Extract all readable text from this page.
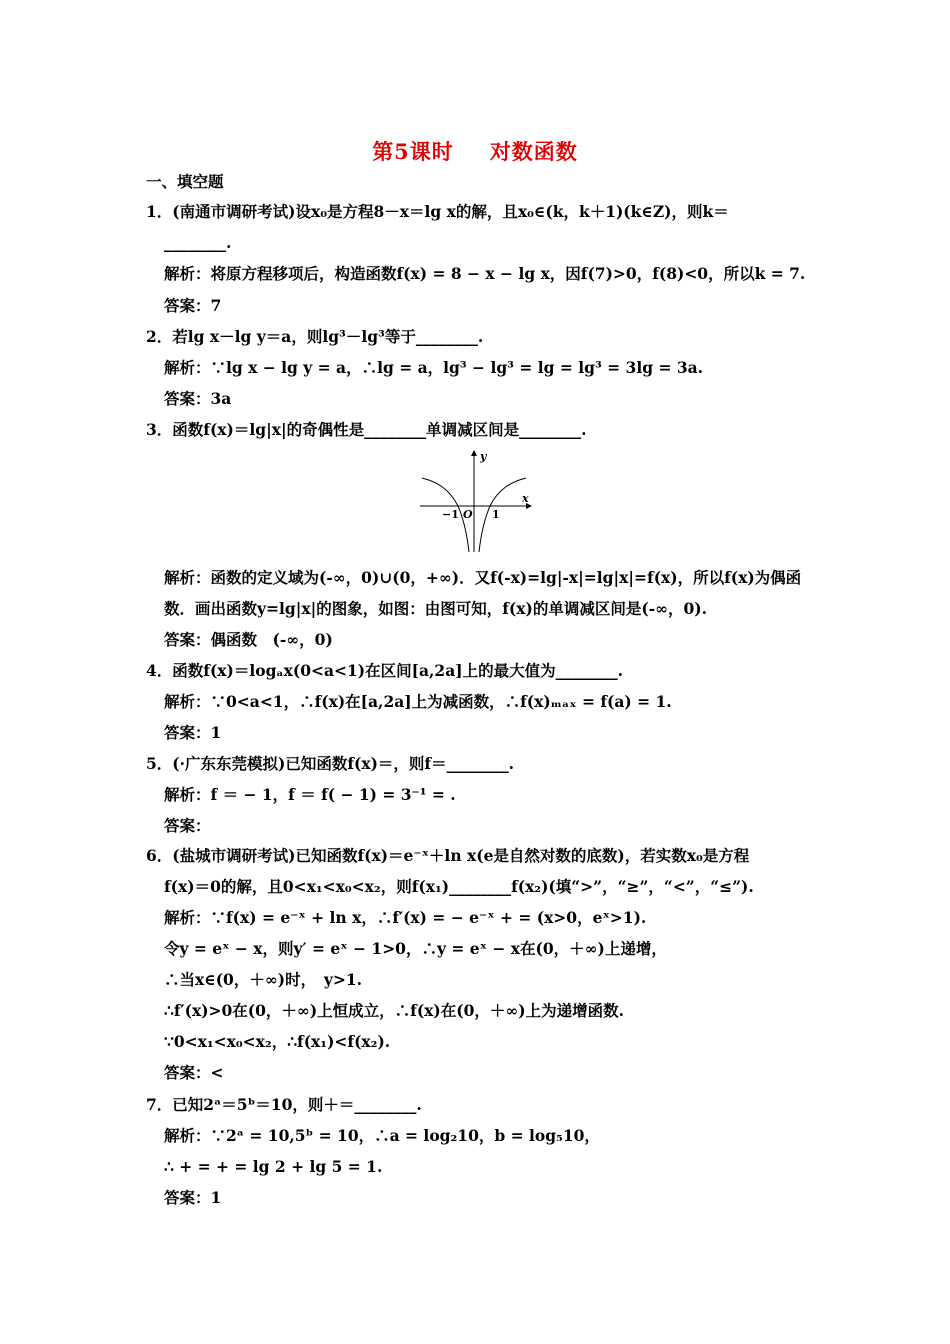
第5课时 对数函数
一、填空题
1．(南通市调研考试)设x₀是方程8－x＝lg x的解，且x₀∈(k，k＋1)(k∈Z)，则k＝
________.
解析：将原方程移项后，构造函数f(x) = 8 − x − lg x，因f(7)>0，f(8)<0，所以k = 7.
答案：7
2．若lg x－lg y＝a，则lg³－lg³等于________.
解析：∵lg x − lg y = a，∴lg = a，lg³ − lg³ = lg = lg³ = 3lg = 3a.
答案：3a
3．函数f(x)＝lg|x|的奇偶性是________单调减区间是________.
y
x
−1 O 1
解析：函数的定义域为(-∞，0)∪(0，+∞)．又f(-x)=lg|-x|=lg|x|=f(x)，所以f(x)为偶函
数．画出函数y=lg|x|的图象，如图：由图可知，f(x)的单调减区间是(-∞，0).
答案：偶函数　(-∞，0)
4．函数f(x)＝logₐx(0<a<1)在区间[a,2a]上的最大值为________.
解析：∵0<a<1，∴f(x)在[a,2a]上为减函数，∴f(x)ₘₐₓ = f(a) = 1.
答案：1
5．(·广东东莞模拟)已知函数f(x)＝，则f＝________.
解析：f ＝ − 1，f ＝ f( − 1) = 3⁻¹ = .
答案：
6．(盐城市调研考试)已知函数f(x)＝e⁻ˣ＋ln x(e是自然对数的底数)，若实数x₀是方程
f(x)＝0的解，且0<x₁<x₀<x₂，则f(x₁)________f(x₂)(填“>”，“≥”，“<”，“≤”).
解析：∵f(x) = e⁻ˣ + ln x，∴f′(x) = − e⁻ˣ + = (x>0，eˣ>1).
令y = eˣ − x，则y′ = eˣ − 1>0，∴y = eˣ − x在(0，＋∞)上递增，
∴当x∈(0，＋∞)时，　y>1.
∴f′(x)>0在(0，＋∞)上恒成立，∴f(x)在(0，＋∞)上为递增函数.
∵0<x₁<x₀<x₂，∴f(x₁)<f(x₂).
答案：<
7．已知2ᵃ＝5ᵇ＝10，则＋＝________.
解析：∵2ᵃ = 10,5ᵇ = 10，∴a = log₂10，b = log₅10，
∴ + = + = lg 2 + lg 5 = 1.
答案：1
